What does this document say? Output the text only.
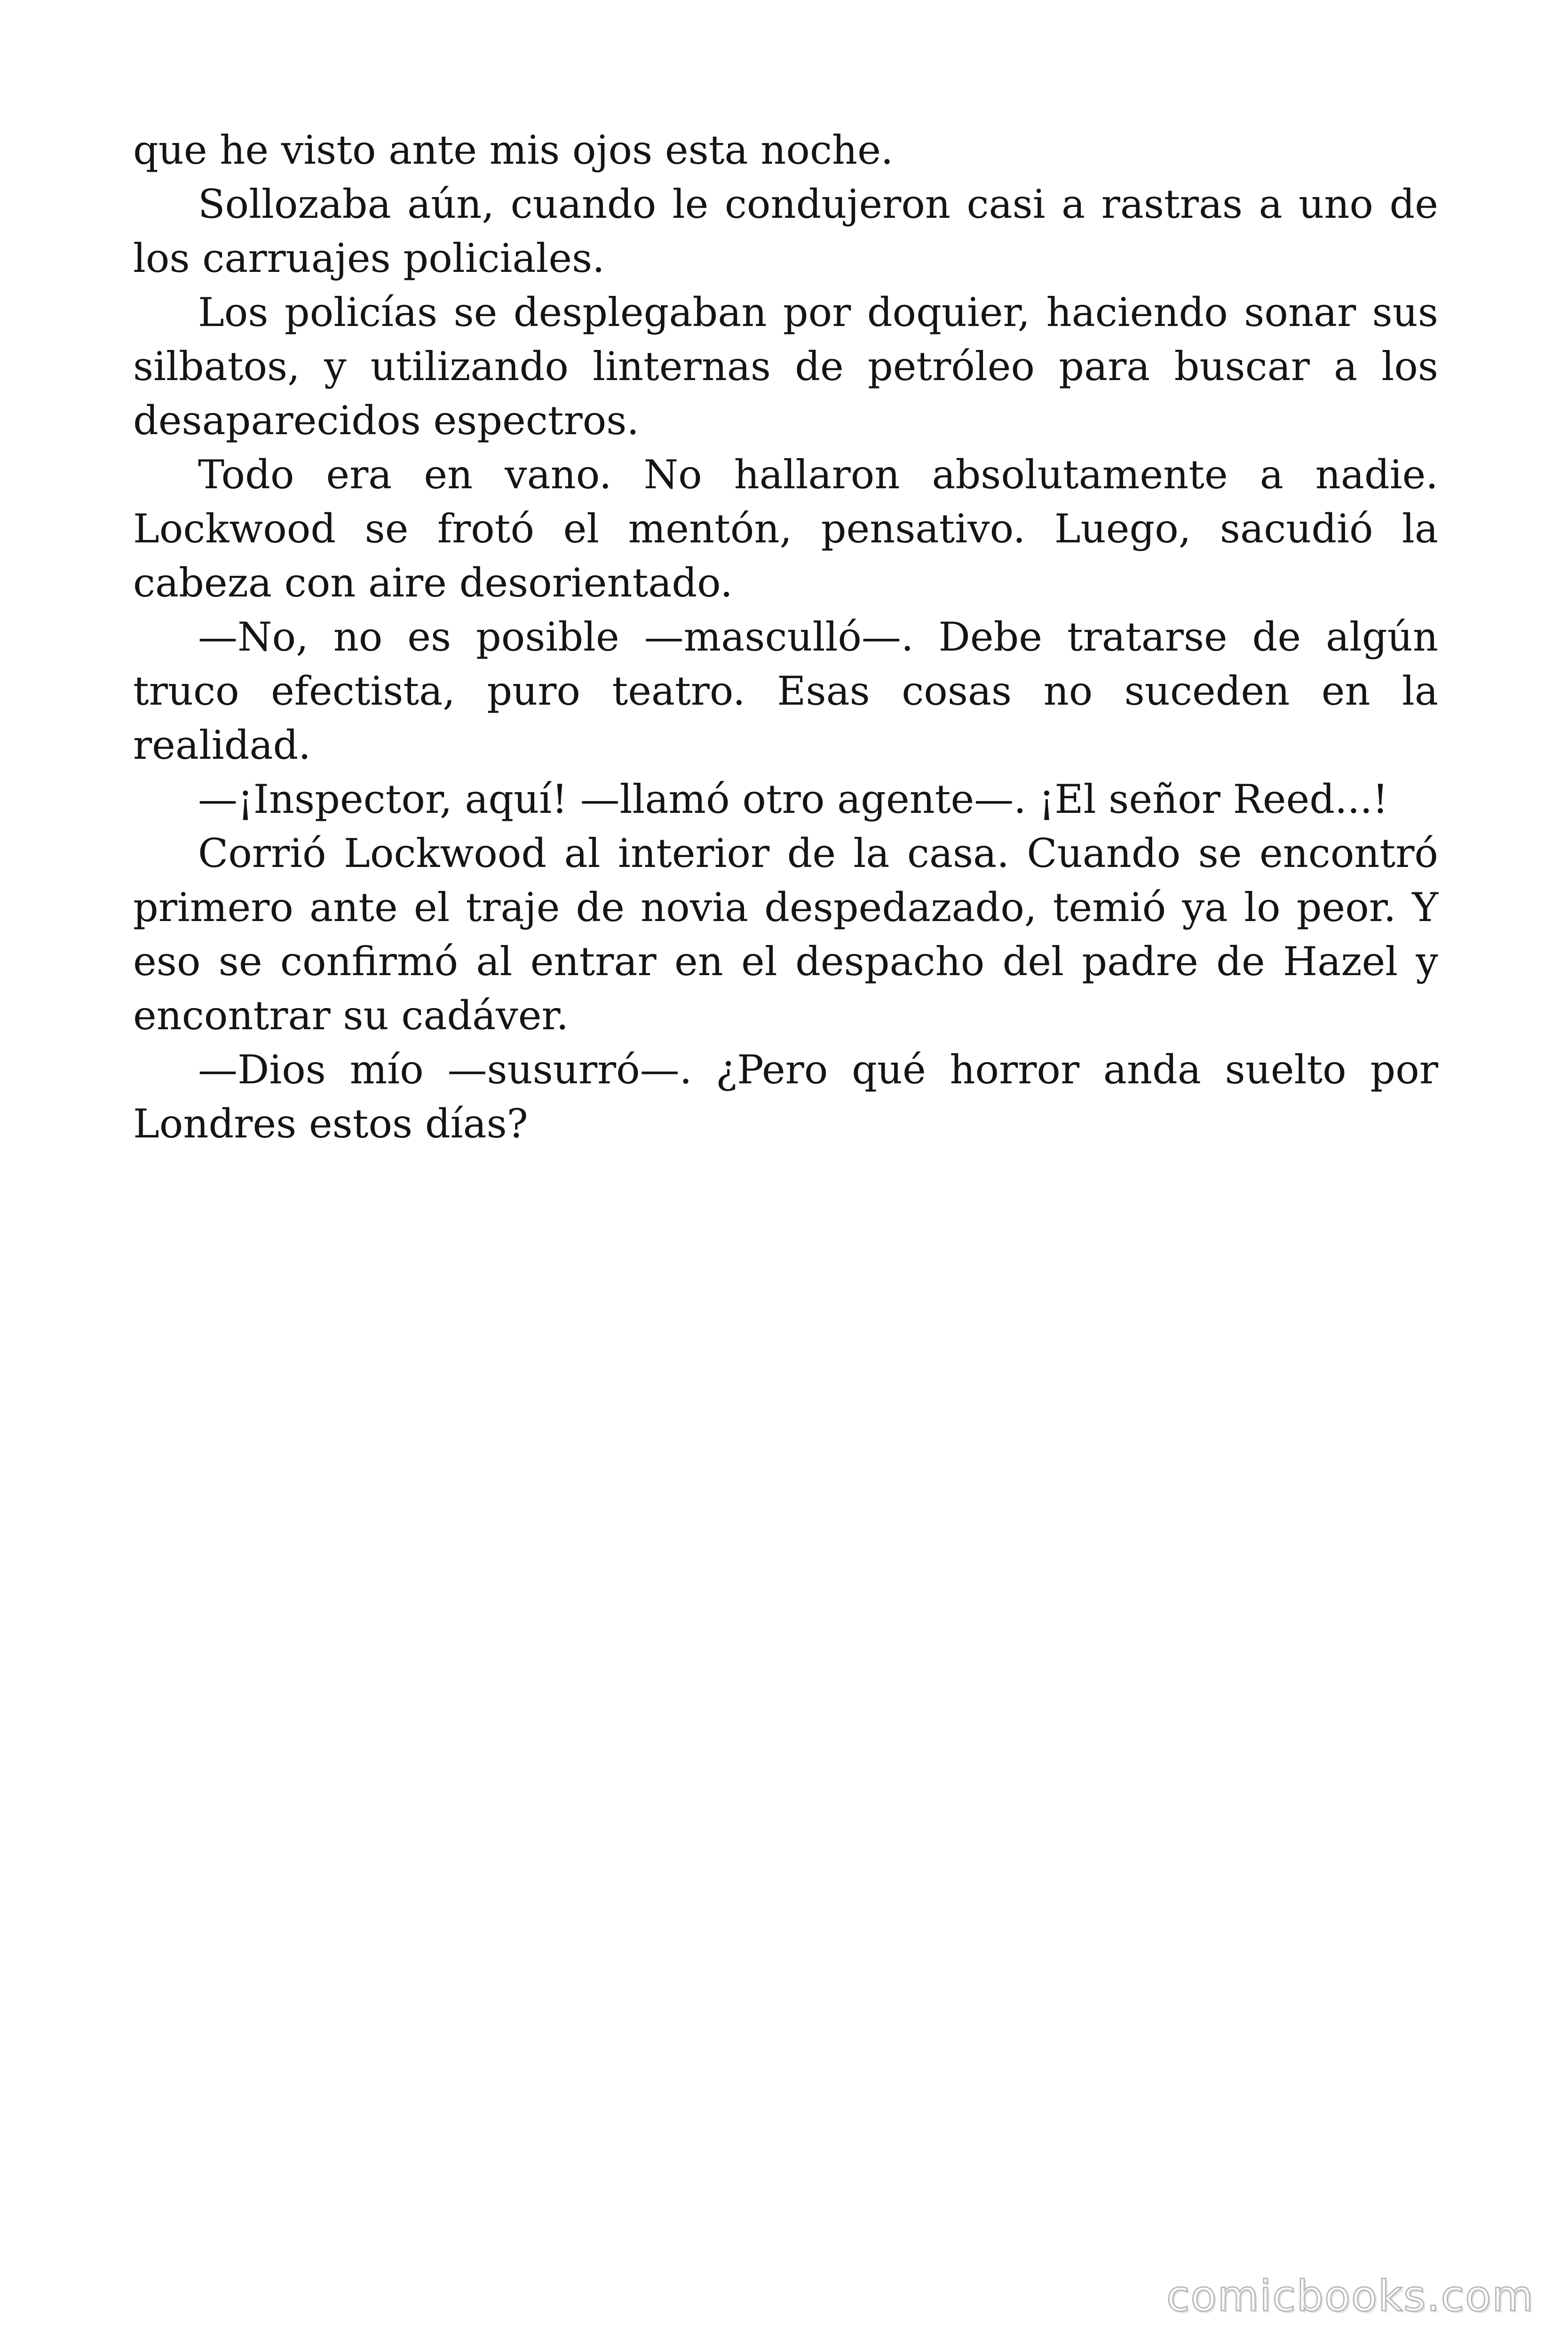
que he visto ante mis ojos esta noche.

Sollozaba aún, cuando le condujeron casi a rastras a uno de los carruajes policiales.

Los policías se desplegaban por doquier, haciendo sonar sus silbatos, y utilizando linternas de petróleo para buscar a los desaparecidos espectros.

Todo era en vano. No hallaron absolutamente a nadie. Lockwood se frotó el mentón, pensativo. Luego, sacudió la cabeza con aire desorientado.

—No, no es posible —masculló—. Debe tratarse de algún truco efectista, puro teatro. Esas cosas no suceden en la realidad.

—¡Inspector, aquí! —llamó otro agente—. ¡El señor Reed...!

Corrió Lockwood al interior de la casa. Cuando se encontró primero ante el traje de novia despedazado, temió ya lo peor. Y eso se confirmó al entrar en el despacho del padre de Hazel y encontrar su cadáver.

—Dios mío —susurró—. ¿Pero qué horror anda suelto por Londres estos días?

comicbooks.com
